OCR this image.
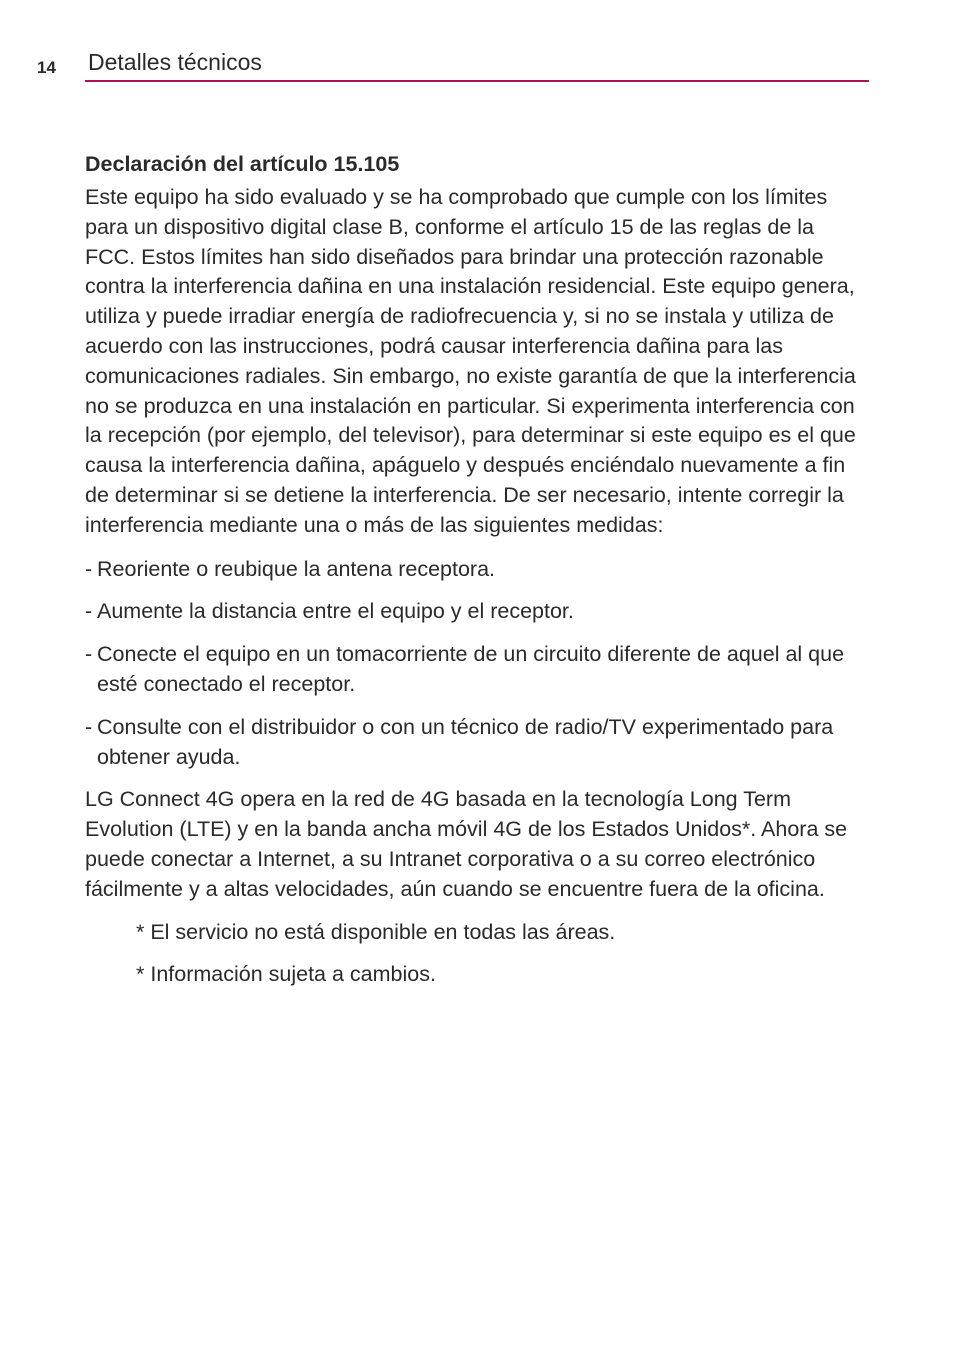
14 Detalles técnicos
Declaración del artículo 15.105

Este equipo ha sido evaluado y se ha comprobado que cumple con los límites para un dispositivo digital clase B, conforme el artículo 15 de las reglas de la FCC. Estos límites han sido diseñados para brindar una protección razonable contra la interferencia dañina en una instalación residencial. Este equipo genera, utiliza y puede irradiar energía de radiofrecuencia y, si no se instala y utiliza de acuerdo con las instrucciones, podrá causar interferencia dañina para las comunicaciones radiales. Sin embargo, no existe garantía de que la interferencia no se produzca en una instalación en particular. Si experimenta interferencia con la recepción (por ejemplo, del televisor), para determinar si este equipo es el que causa la interferencia dañina, apáguelo y después enciéndalo nuevamente a fin de determinar si se detiene la interferencia. De ser necesario, intente corregir la interferencia mediante una o más de las siguientes medidas:

- Reoriente o reubique la antena receptora.
- Aumente la distancia entre el equipo y el receptor.
- Conecte el equipo en un tomacorriente de un circuito diferente de aquel al que esté conectado el receptor.
- Consulte con el distribuidor o con un técnico de radio/TV experimentado para obtener ayuda.

LG Connect 4G opera en la red de 4G basada en la tecnología Long Term Evolution (LTE) y en la banda ancha móvil 4G de los Estados Unidos*. Ahora se puede conectar a Internet, a su Intranet corporativa o a su correo electrónico fácilmente y a altas velocidades, aún cuando se encuentre fuera de la oficina.

* El servicio no está disponible en todas las áreas.
* Información sujeta a cambios.
